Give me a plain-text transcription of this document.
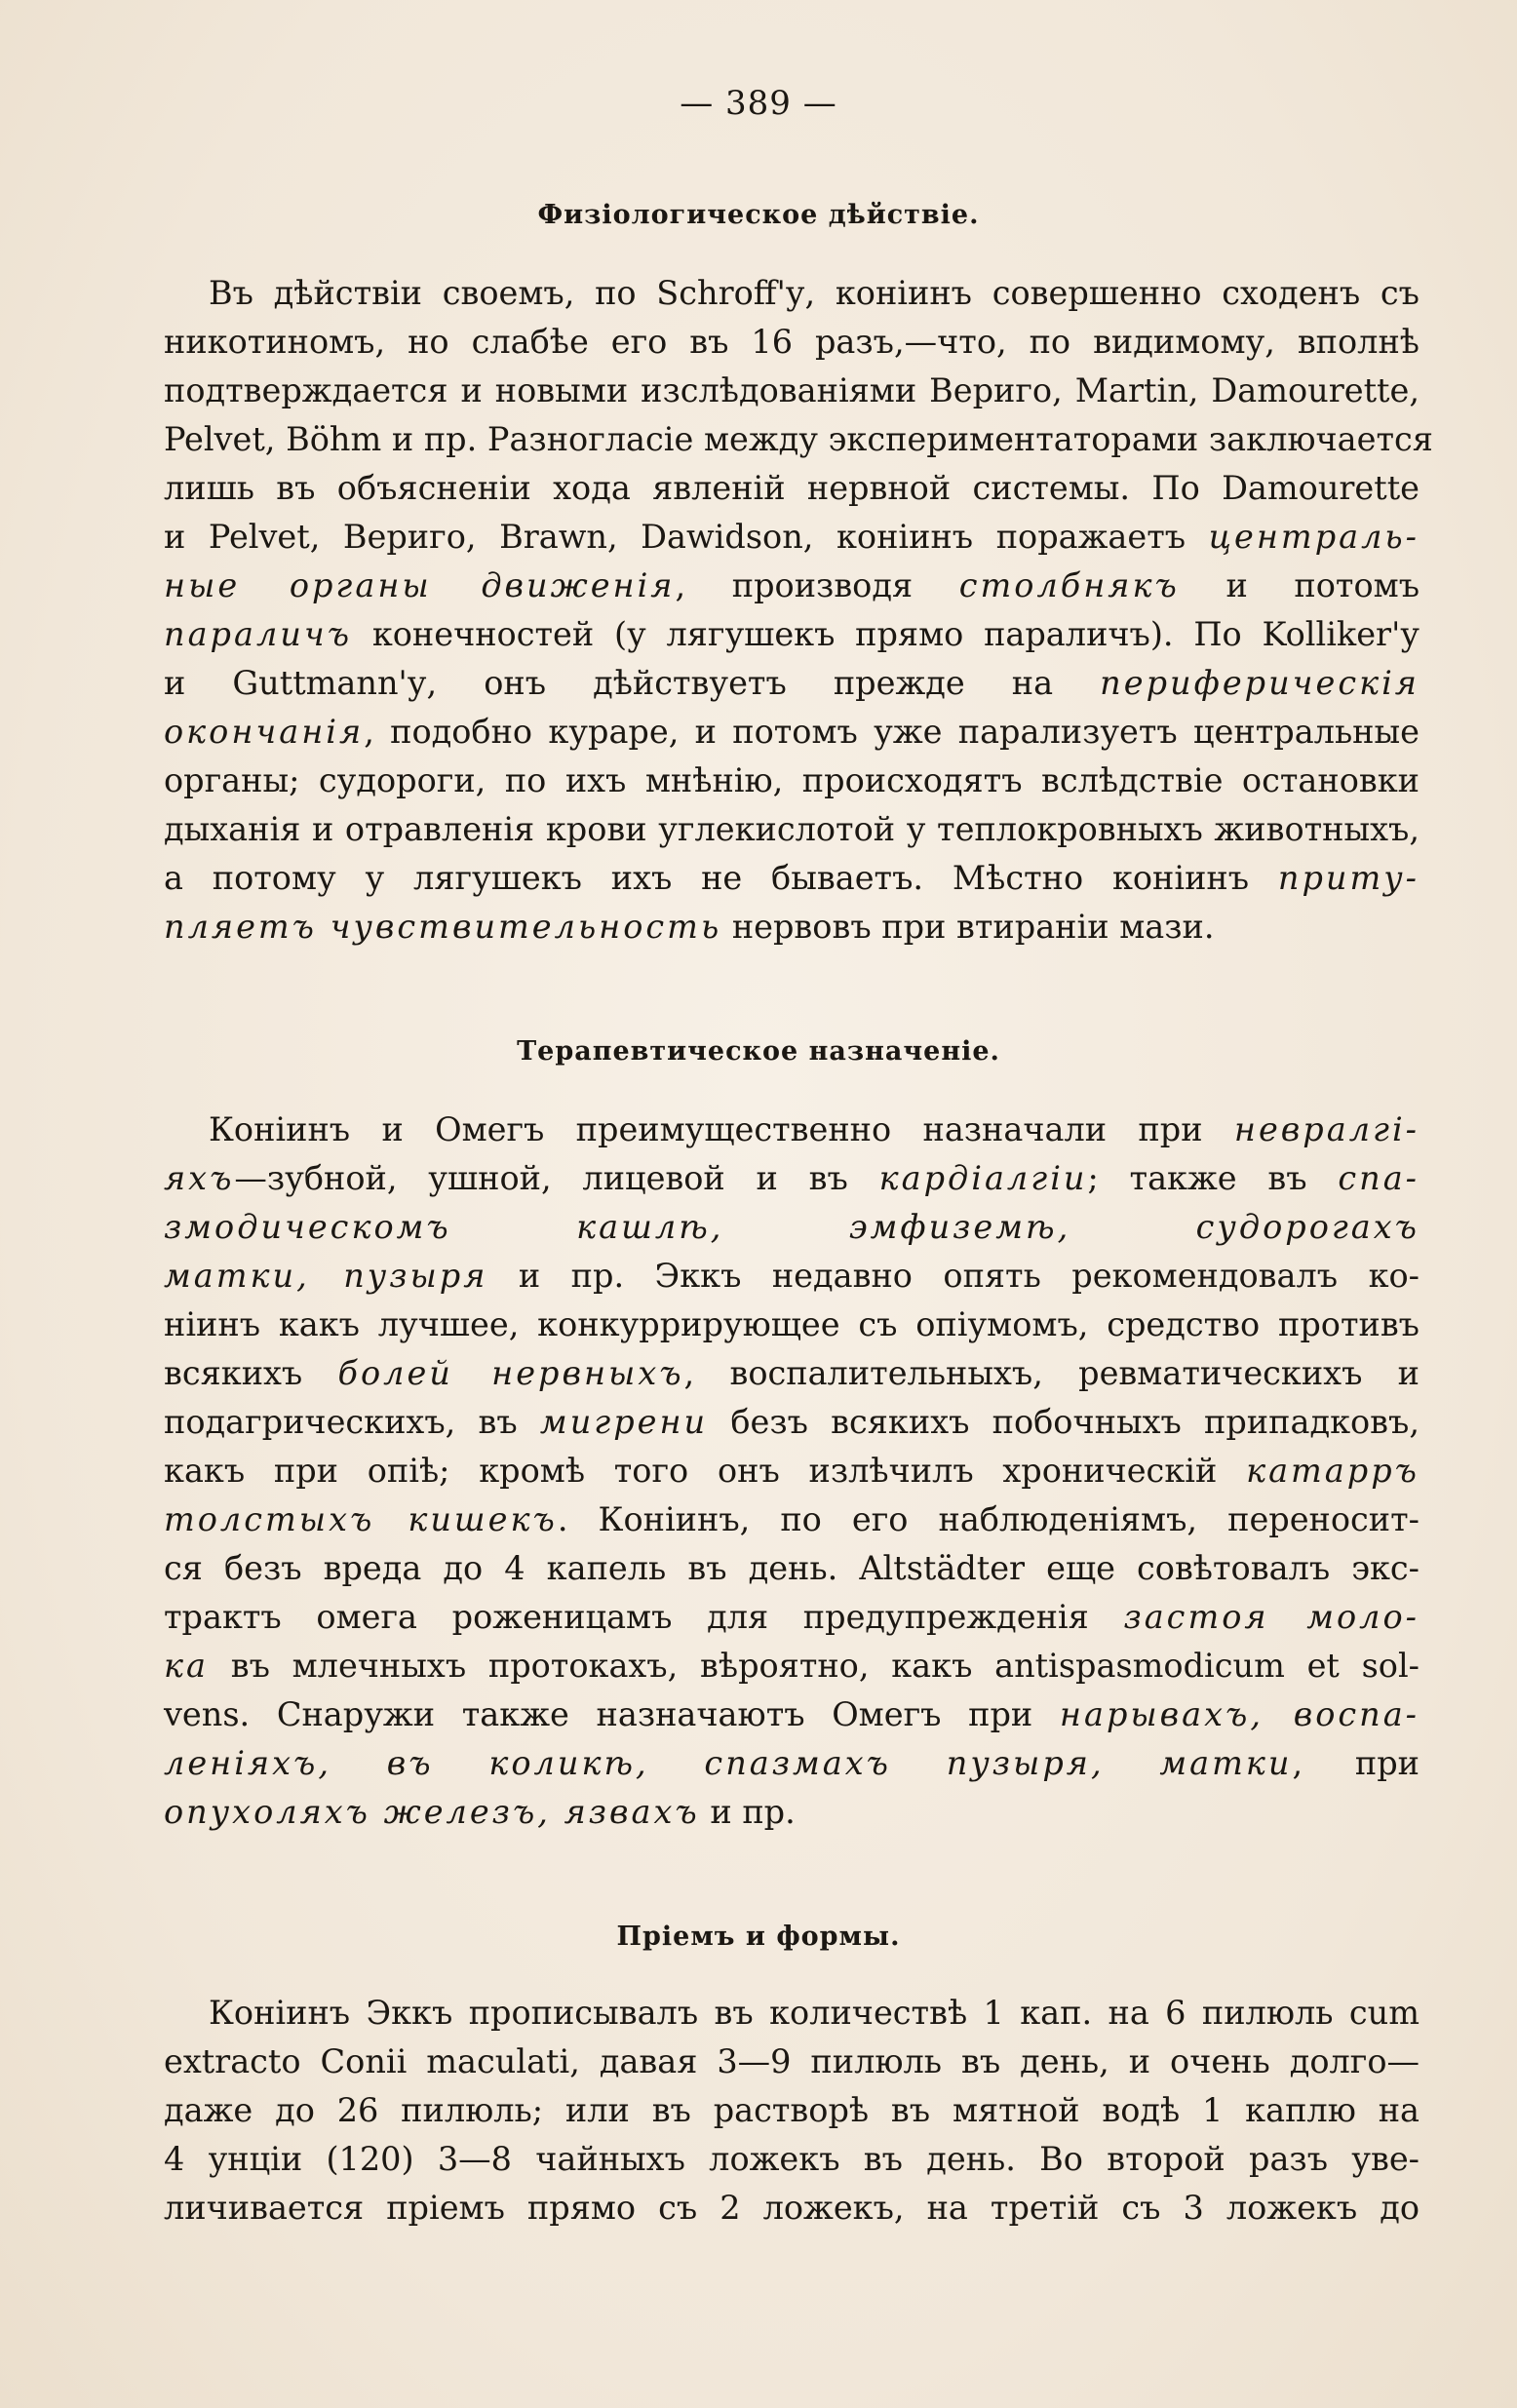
— 389 —
Физiологическое дѣйствiе.
Въ дѣйствiи своемъ, по Schroff'у, конiинъ совершенно сходенъ съ
никотиномъ, но слабѣе его въ 16 разъ,—что, по видимому, вполнѣ
подтверждается и новыми изслѣдованiями Вериго, Martin, Damourette,
Pelvet, Böhm и пр. Разногласiе между экспериментаторами заключается
лишь въ объясненiи хода явленiй нервной системы. По Damourette
и Pelvet, Вериго, Brawn, Dawidson, конiинъ поражаетъ централь-
ные органы движенiя, производя столбнякъ и потомъ
параличъ конечностей (у лягушекъ прямо параличъ). По Kolliker'у
и Guttmann'у, онъ дѣйствуетъ прежде на периферическiя
окончанiя, подобно кураре, и потомъ уже парализуетъ центральные
органы; судороги, по ихъ мнѣнiю, происходятъ вслѣдствiе остановки
дыханiя и отравленiя крови углекислотой у теплокровныхъ животныхъ,
а потому у лягушекъ ихъ не бываетъ. Мѣстно конiинъ приту-
пляетъ чувствительность нервовъ при втиранiи мази.
Терапевтическое назначенiе.
Конiинъ и Омегъ преимущественно назначали при невралгi-
яхъ—зубной, ушной, лицевой и въ кардiалгiи; также въ спа-
змодическомъ кашлѣ, эмфиземѣ, судорогахъ
матки, пузыря и пр. Эккъ недавно опять рекомендовалъ ко-
нiинъ какъ лучшее, конкуррирующее съ опiумомъ, средство противъ
всякихъ болей нервныхъ, воспалительныхъ, ревматическихъ и
подагрическихъ, въ мигрени безъ всякихъ побочныхъ припадковъ,
какъ при опiѣ; кромѣ того онъ излѣчилъ хроническiй катарръ
толстыхъ кишекъ. Конiинъ, по его наблюденiямъ, переносит-
ся безъ вреда до 4 капель въ день. Altstädter еще совѣтовалъ экс-
трактъ омега роженицамъ для предупрежденiя застоя моло-
ка въ млечныхъ протокахъ, вѣроятно, какъ antispasmodicum et sol-
vens. Снаружи также назначаютъ Омегъ при нарывахъ, воспа-
ленiяхъ, въ коликѣ, спазмахъ пузыря, матки, при
опухоляхъ железъ, язвахъ и пр.
Прiемъ и формы.
Конiинъ Эккъ прописывалъ въ количествѣ 1 кап. на 6 пилюль cum
extracto Conii maculati, давая 3—9 пилюль въ день, и очень долго—
даже до 26 пилюль; или въ растворѣ въ мятной водѣ 1 каплю на
4 унцiи (120) 3—8 чайныхъ ложекъ въ день. Во второй разъ уве-
личивается прiемъ прямо съ 2 ложекъ, на третiй съ 3 ложекъ до
